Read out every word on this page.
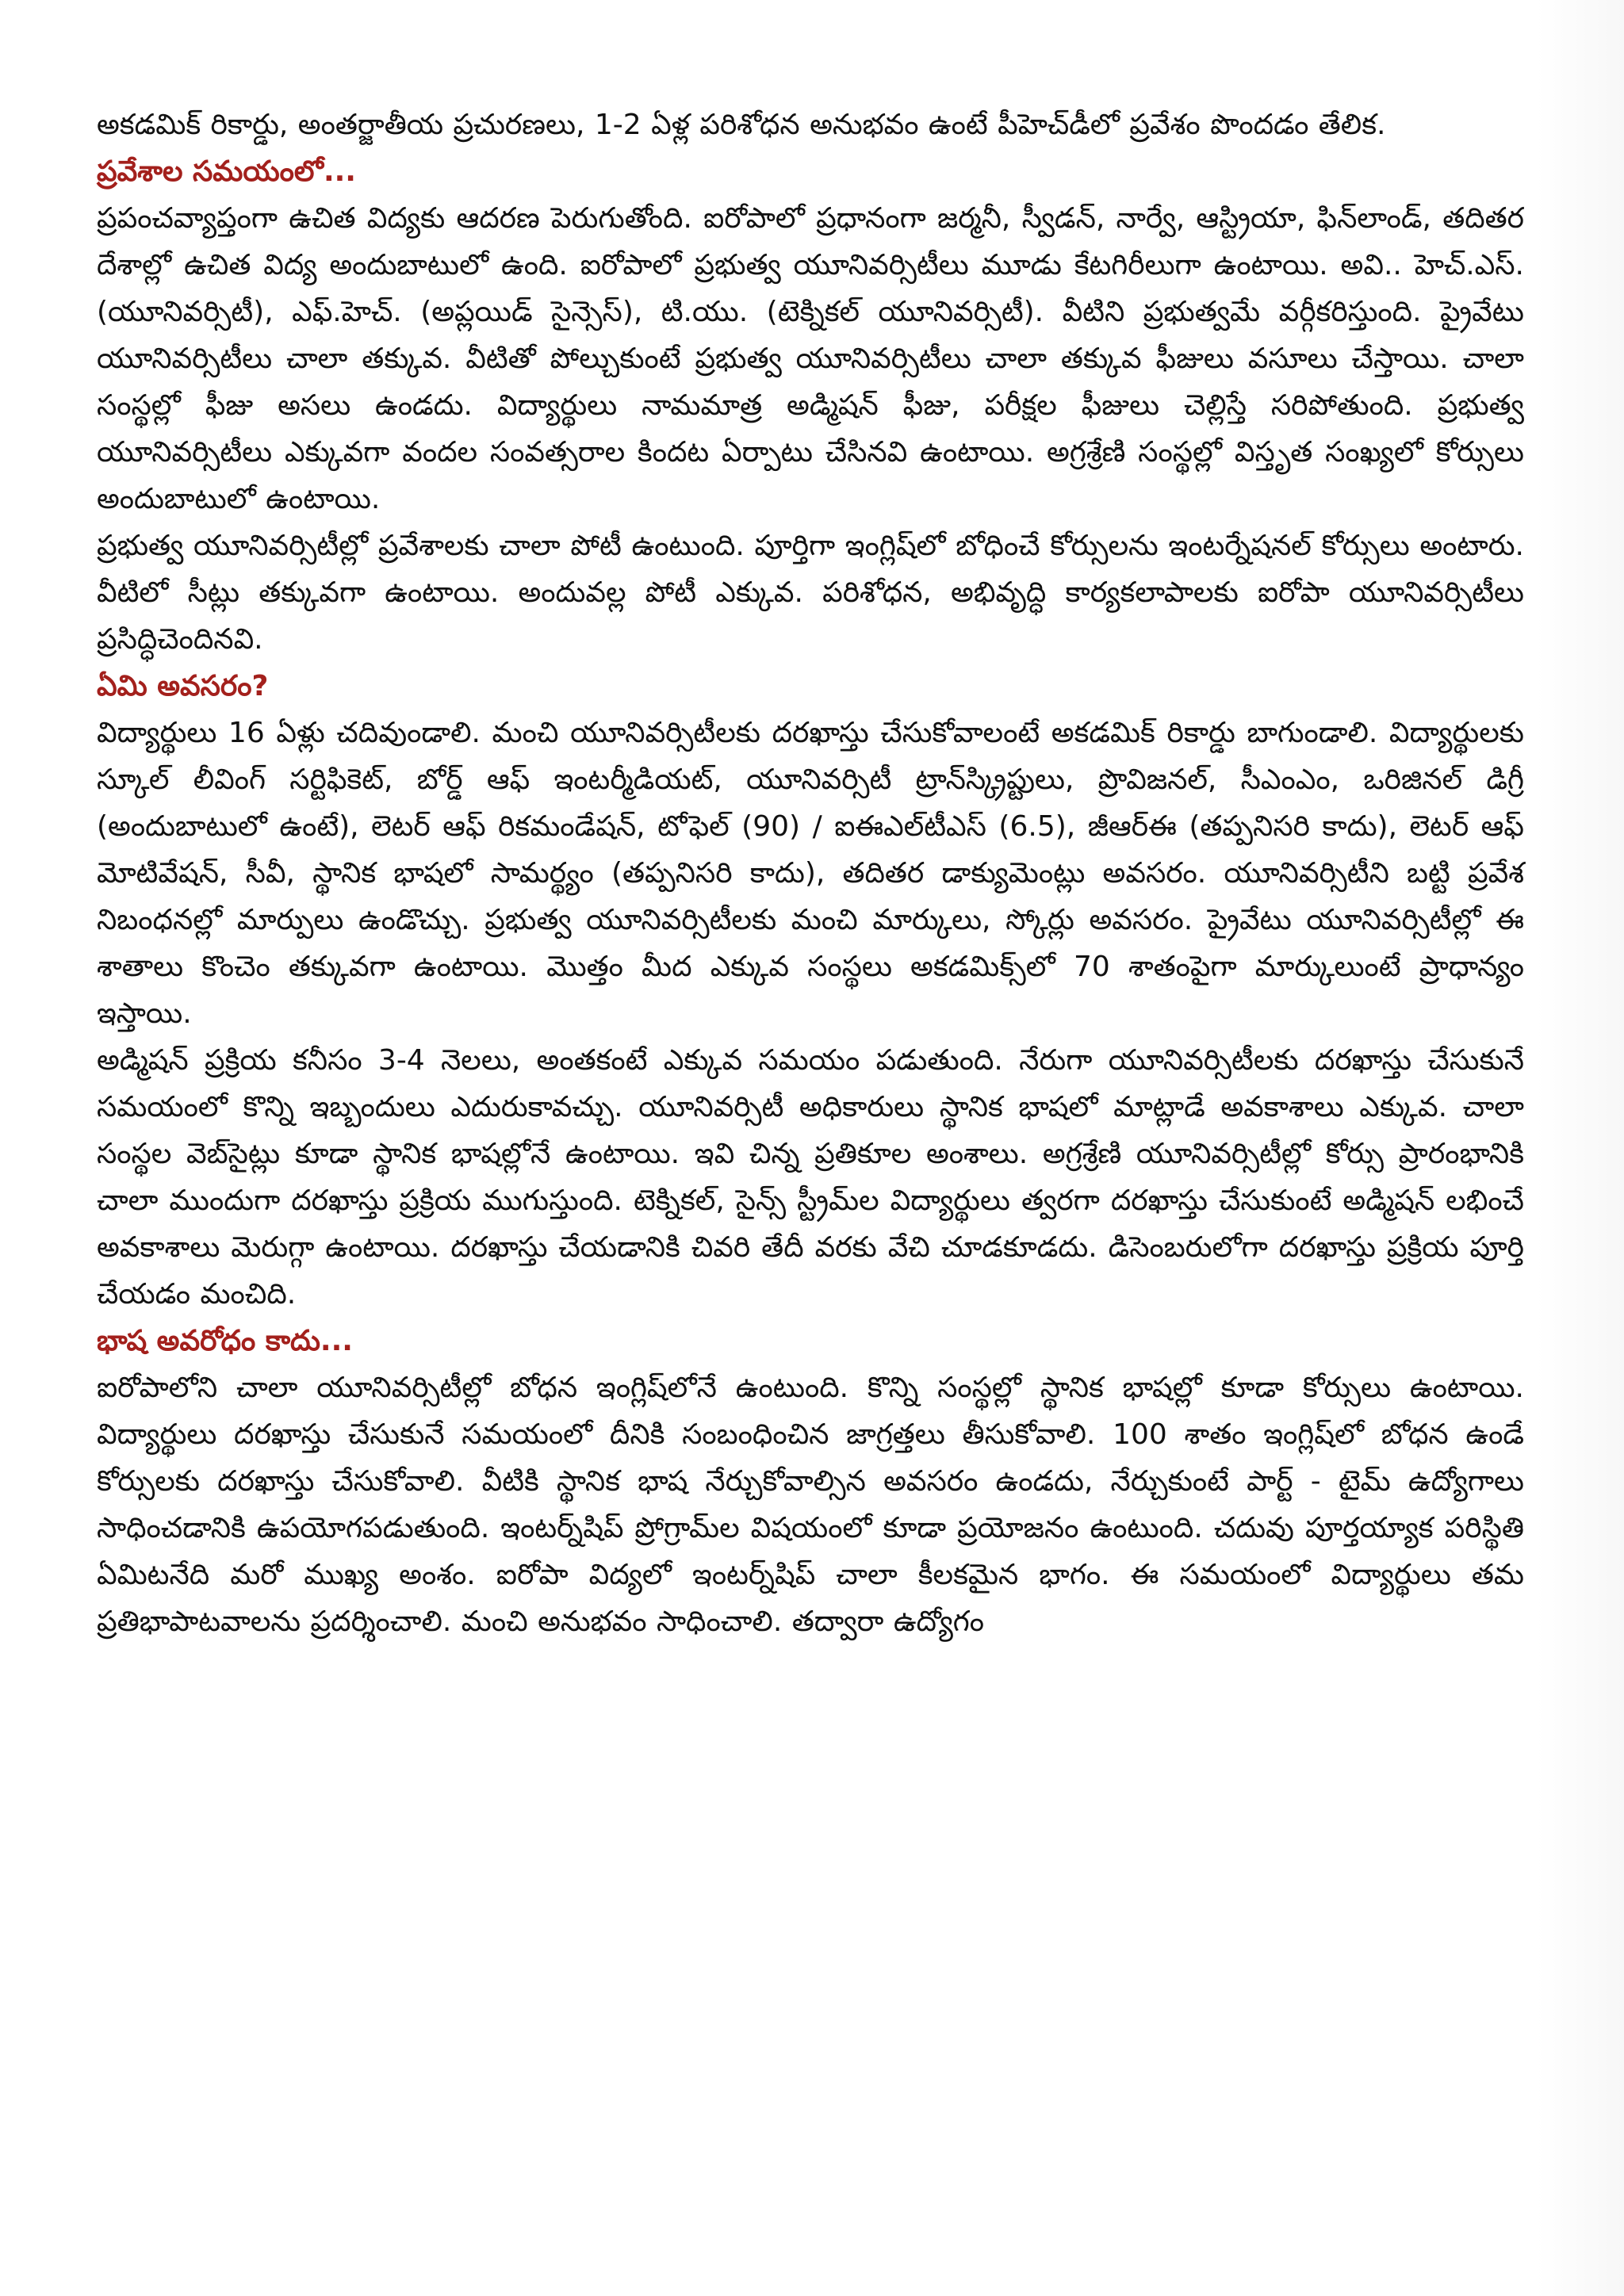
అకడమిక్ రికార్డు, అంతర్జాతీయ ప్రచురణలు, 1-2 ఏళ్ల పరిశోధన అనుభవం ఉంటే పీహెచ్‌డీలో ప్రవేశం పొందడం తేలిక.

ప్రవేశాల సమయంలో...

ప్రపంచవ్యాప్తంగా ఉచిత విద్యకు ఆదరణ పెరుగుతోంది. ఐరోపాలో ప్రధానంగా జర్మనీ, స్వీడన్, నార్వే, ఆస్ట్రియా, ఫిన్‌లాండ్, తదితర దేశాల్లో ఉచిత విద్య అందుబాటులో ఉంది. ఐరోపాలో ప్రభుత్వ యూనివర్సిటీలు మూడు కేటగిరీలుగా ఉంటాయి. అవి.. హెచ్.ఎస్. (యూనివర్సిటీ), ఎఫ్.హెచ్. (అప్లయిడ్ సైన్సెస్), టి.యు. (టెక్నికల్ యూనివర్సిటీ). వీటిని ప్రభుత్వమే వర్గీకరిస్తుంది. ప్రైవేటు యూనివర్సిటీలు చాలా తక్కువ. వీటితో పోల్చుకుంటే ప్రభుత్వ యూనివర్సిటీలు చాలా తక్కువ ఫీజులు వసూలు చేస్తాయి. చాలా సంస్థల్లో ఫీజు అసలు ఉండదు. విద్యార్థులు నామమాత్ర అడ్మిషన్ ఫీజు, పరీక్షల ఫీజులు చెల్లిస్తే సరిపోతుంది. ప్రభుత్వ యూనివర్సిటీలు ఎక్కువగా వందల సంవత్సరాల కిందట ఏర్పాటు చేసినవి ఉంటాయి. అగ్రశ్రేణి సంస్థల్లో విస్తృత సంఖ్యలో కోర్సులు అందుబాటులో ఉంటాయి.

ప్రభుత్వ యూనివర్సిటీల్లో ప్రవేశాలకు చాలా పోటీ ఉంటుంది. పూర్తిగా ఇంగ్లిష్‌లో బోధించే కోర్సులను ఇంటర్నేషనల్ కోర్సులు అంటారు. వీటిలో సీట్లు తక్కువగా ఉంటాయి. అందువల్ల పోటీ ఎక్కువ. పరిశోధన, అభివృద్ధి కార్యకలాపాలకు ఐరోపా యూనివర్సిటీలు ప్రసిద్ధిచెందినవి.

ఏమి అవసరం?

విద్యార్థులు 16 ఏళ్లు చదివుండాలి. మంచి యూనివర్సిటీలకు దరఖాస్తు చేసుకోవాలంటే అకడమిక్ రికార్డు బాగుండాలి. విద్యార్థులకు స్కూల్ లీవింగ్ సర్టిఫికెట్, బోర్డ్ ఆఫ్ ఇంటర్మీడియట్, యూనివర్సిటీ ట్రాన్‌స్క్రిప్టులు, ప్రొవిజనల్, సీఎంఎం, ఒరిజినల్ డిగ్రీ (అందుబాటులో ఉంటే), లెటర్ ఆఫ్ రికమండేషన్, టోఫెల్ (90) / ఐఈఎల్‌టీఎస్ (6.5), జీఆర్‌ఈ (తప్పనిసరి కాదు), లెటర్ ఆఫ్ మోటివేషన్, సీవీ, స్థానిక భాషలో సామర్థ్యం (తప్పనిసరి కాదు), తదితర డాక్యుమెంట్లు అవసరం. యూనివర్సిటీని బట్టి ప్రవేశ నిబంధనల్లో మార్పులు ఉండొచ్చు. ప్రభుత్వ యూనివర్సిటీలకు మంచి మార్కులు, స్కోర్లు అవసరం. ప్రైవేటు యూనివర్సిటీల్లో ఈ శాతాలు కొంచెం తక్కువగా ఉంటాయి. మొత్తం మీద ఎక్కువ సంస్థలు అకడమిక్స్‌లో 70 శాతంపైగా మార్కులుంటే ప్రాధాన్యం ఇస్తాయి.

అడ్మిషన్ ప్రక్రియ కనీసం 3-4 నెలలు, అంతకంటే ఎక్కువ సమయం పడుతుంది. నేరుగా యూనివర్సిటీలకు దరఖాస్తు చేసుకునే సమయంలో కొన్ని ఇబ్బందులు ఎదురుకావచ్చు. యూనివర్సిటీ అధికారులు స్థానిక భాషలో మాట్లాడే అవకాశాలు ఎక్కువ. చాలా సంస్థల వెబ్‌సైట్లు కూడా స్థానిక భాషల్లోనే ఉంటాయి. ఇవి చిన్న ప్రతికూల అంశాలు. అగ్రశ్రేణి యూనివర్సిటీల్లో కోర్సు ప్రారంభానికి చాలా ముందుగా దరఖాస్తు ప్రక్రియ ముగుస్తుంది. టెక్నికల్, సైన్స్ స్ట్రీమ్‌ల విద్యార్థులు త్వరగా దరఖాస్తు చేసుకుంటే అడ్మిషన్ లభించే అవకాశాలు మెరుగ్గా ఉంటాయి. దరఖాస్తు చేయడానికి చివరి తేదీ వరకు వేచి చూడకూడదు. డిసెంబరులోగా దరఖాస్తు ప్రక్రియ పూర్తి చేయడం మంచిది.

భాష అవరోధం కాదు...

ఐరోపాలోని చాలా యూనివర్సిటీల్లో బోధన ఇంగ్లిష్‌లోనే ఉంటుంది. కొన్ని సంస్థల్లో స్థానిక భాషల్లో కూడా కోర్సులు ఉంటాయి. విద్యార్థులు దరఖాస్తు చేసుకునే సమయంలో దీనికి సంబంధించిన జాగ్రత్తలు తీసుకోవాలి. 100 శాతం ఇంగ్లిష్‌లో బోధన ఉండే కోర్సులకు దరఖాస్తు చేసుకోవాలి. వీటికి స్థానిక భాష నేర్చుకోవాల్సిన అవసరం ఉండదు, నేర్చుకుంటే పార్ట్ - టైమ్ ఉద్యోగాలు సాధించడానికి ఉపయోగపడుతుంది. ఇంటర్న్‌షిప్ ప్రోగ్రామ్‌ల విషయంలో కూడా ప్రయోజనం ఉంటుంది. చదువు పూర్తయ్యాక పరిస్థితి ఏమిటనేది మరో ముఖ్య అంశం. ఐరోపా విద్యలో ఇంటర్న్‌షిప్ చాలా కీలకమైన భాగం. ఈ సమయంలో విద్యార్థులు తమ ప్రతిభాపాటవాలను ప్రదర్శించాలి. మంచి అనుభవం సాధించాలి. తద్వారా ఉద్యోగం
